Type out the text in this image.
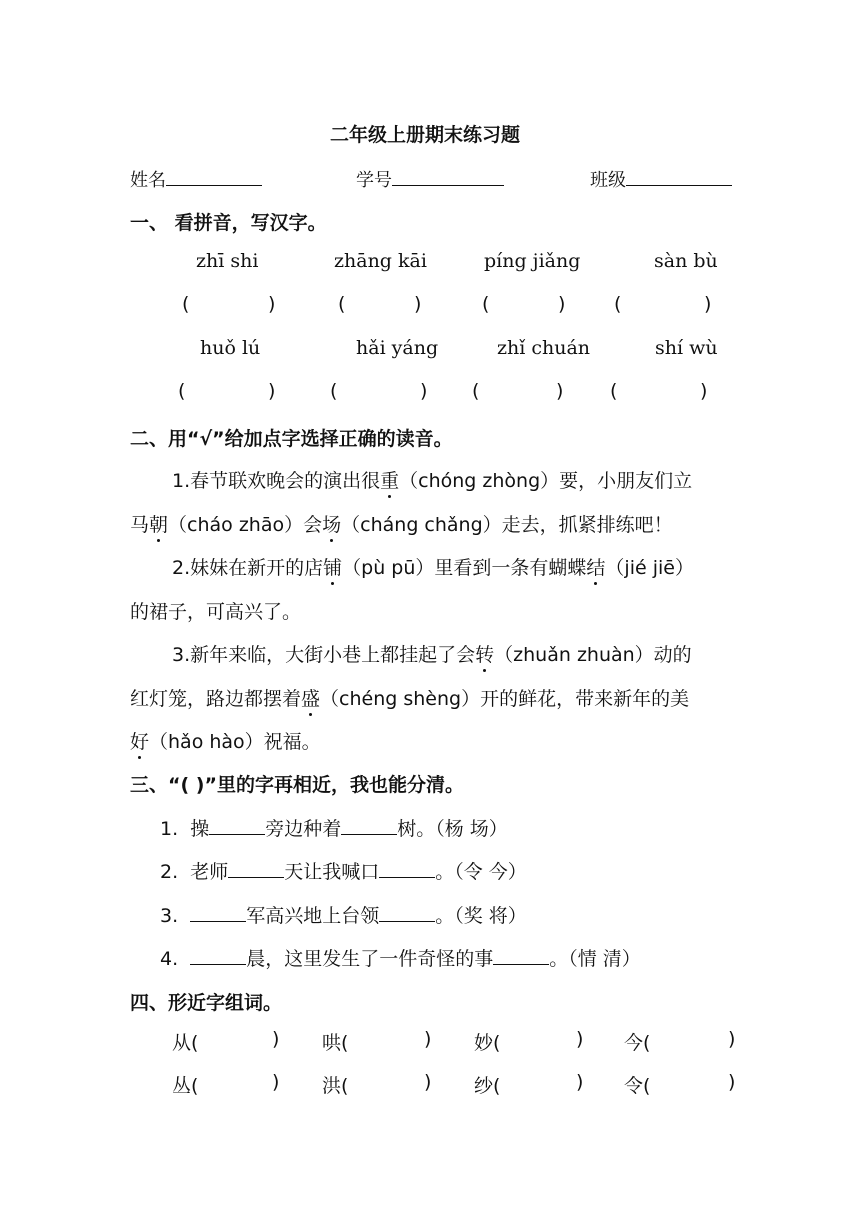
二年级上册期末练习题
姓名	学号	班级
一、 看拼音，写汉字。
zhī shi	zhāng kāi	píng jiǎng	sàn bù
(	)	(	)	(	)	(	)
huǒ lú	hǎi yáng	zhǐ chuán	shí wù
(	)	(	) (	) (	)
二、用“√”给加点字选择正确的读音。
1.春节联欢晚会的演出很重（chóng zhòng）要，小朋友们立
马朝（cháo zhāo）会场（cháng chǎng）走去，抓紧排练吧！
2.妹妹在新开的店铺（pù pū）里看到一条有蝴蝶结（jié jiē）
的裙子，可高兴了。
3.新年来临，大街小巷上都挂起了会转（zhuǎn zhuàn）动的
红灯笼，路边都摆着盛（chéng shèng）开的鲜花，带来新年的美
好（hǎo hào）祝福。
三、“( )”里的字再相近，我也能分清。
1. 操	旁边种着	树。（杨 场）
2. 老师	天让我喊口	。（令 今）
3.	军高兴地上台领	。（奖 将）
4.	晨，这里发生了一件奇怪的事	。（情 清）
四、形近字组词。
从(	) 哄(	) 妙(	) 今(	)
丛(	) 洪(	) 纱(	) 令(	)
